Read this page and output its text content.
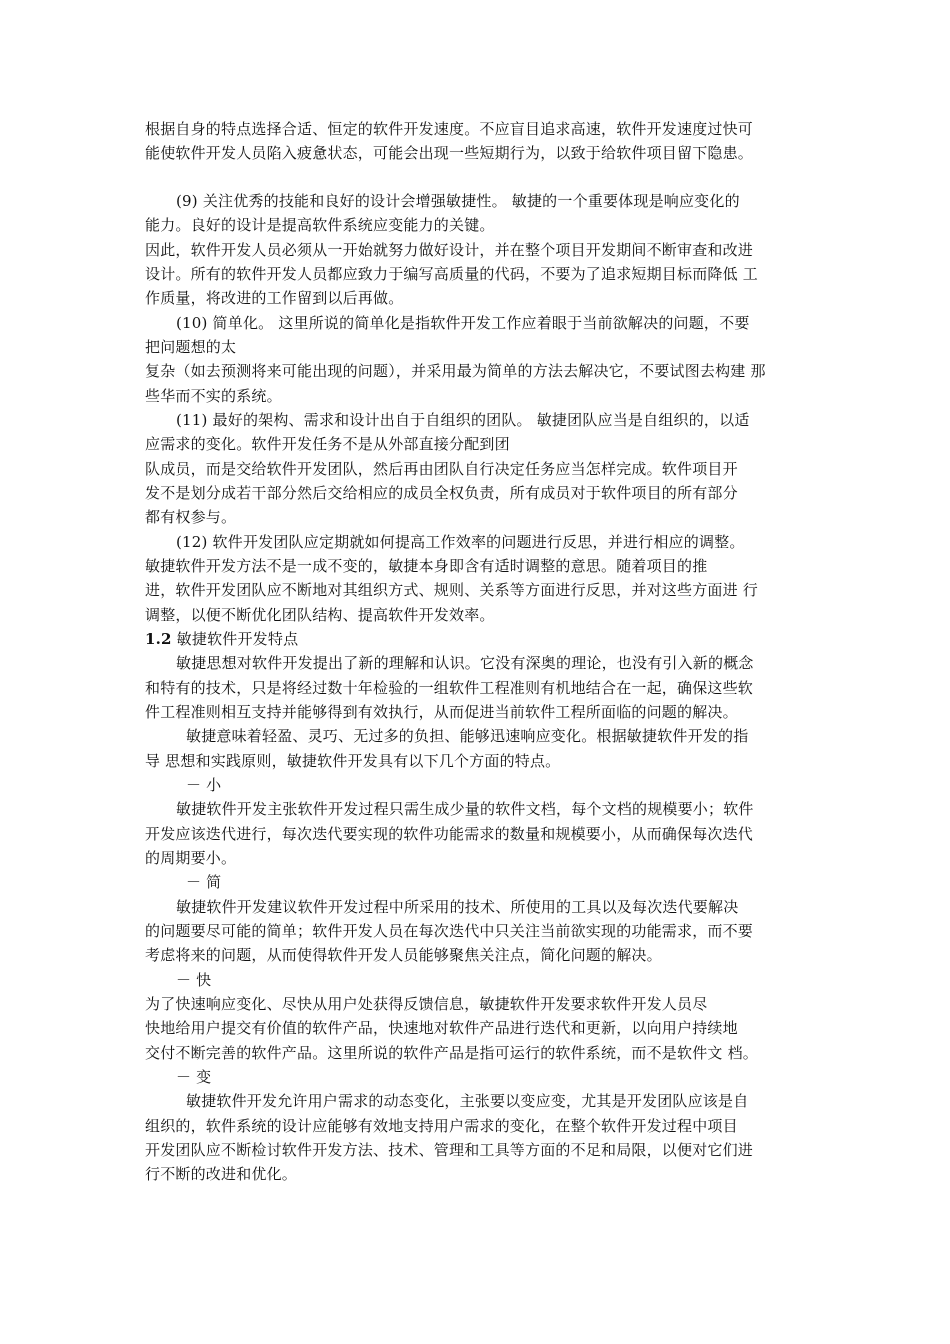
根据自身的特点选择合适、恒定的软件开发速度。不应盲目追求高速，软件开发速度过快可
能使软件开发人员陷入疲惫状态，可能会出现一些短期行为，以致于给软件项目留下隐患。
(9) 关注优秀的技能和良好的设计会增强敏捷性。 敏捷的一个重要体现是响应变化的
能力。良好的设计是提高软件系统应变能力的关键。
因此，软件开发人员必须从一开始就努力做好设计，并在整个项目开发期间不断审查和改进
设计。所有的软件开发人员都应致力于编写高质量的代码，不要为了追求短期目标而降低 工
作质量，将改进的工作留到以后再做。
(10) 简单化。 这里所说的简单化是指软件开发工作应着眼于当前欲解决的问题，不要
把问题想的太
复杂（如去预测将来可能出现的问题），并采用最为简单的方法去解决它，不要试图去构建 那
些华而不实的系统。
(11) 最好的架构、需求和设计出自于自组织的团队。 敏捷团队应当是自组织的，以适
应需求的变化。软件开发任务不是从外部直接分配到团
队成员，而是交给软件开发团队，然后再由团队自行决定任务应当怎样完成。软件项目开
发不是划分成若干部分然后交给相应的成员全权负责，所有成员对于软件项目的所有部分
都有权参与。
(12) 软件开发团队应定期就如何提高工作效率的问题进行反思，并进行相应的调整。
敏捷软件开发方法不是一成不变的，敏捷本身即含有适时调整的意思。随着项目的推
进，软件开发团队应不断地对其组织方式、规则、关系等方面进行反思，并对这些方面进 行
调整，以便不断优化团队结构、提高软件开发效率。
1.2 敏捷软件开发特点
敏捷思想对软件开发提出了新的理解和认识。它没有深奥的理论，也没有引入新的概念
和特有的技术，只是将经过数十年检验的一组软件工程准则有机地结合在一起，确保这些软
件工程准则相互支持并能够得到有效执行，从而促进当前软件工程所面临的问题的解决。
敏捷意味着轻盈、灵巧、无过多的负担、能够迅速响应变化。根据敏捷软件开发的指
导 思想和实践原则，敏捷软件开发具有以下几个方面的特点。
－ 小
敏捷软件开发主张软件开发过程只需生成少量的软件文档，每个文档的规模要小；软件
开发应该迭代进行，每次迭代要实现的软件功能需求的数量和规模要小，从而确保每次迭代
的周期要小。
－ 简
敏捷软件开发建议软件开发过程中所采用的技术、所使用的工具以及每次迭代要解决
的问题要尽可能的简单；软件开发人员在每次迭代中只关注当前欲实现的功能需求，而不要
考虑将来的问题，从而使得软件开发人员能够聚焦关注点，简化问题的解决。
－ 快
为了快速响应变化、尽快从用户处获得反馈信息，敏捷软件开发要求软件开发人员尽
快地给用户提交有价值的软件产品，快速地对软件产品进行迭代和更新，以向用户持续地
交付不断完善的软件产品。这里所说的软件产品是指可运行的软件系统，而不是软件文 档。
－ 变
敏捷软件开发允许用户需求的动态变化，主张要以变应变，尤其是开发团队应该是自
组织的，软件系统的设计应能够有效地支持用户需求的变化，在整个软件开发过程中项目
开发团队应不断检讨软件开发方法、技术、管理和工具等方面的不足和局限，以便对它们进
行不断的改进和优化。
